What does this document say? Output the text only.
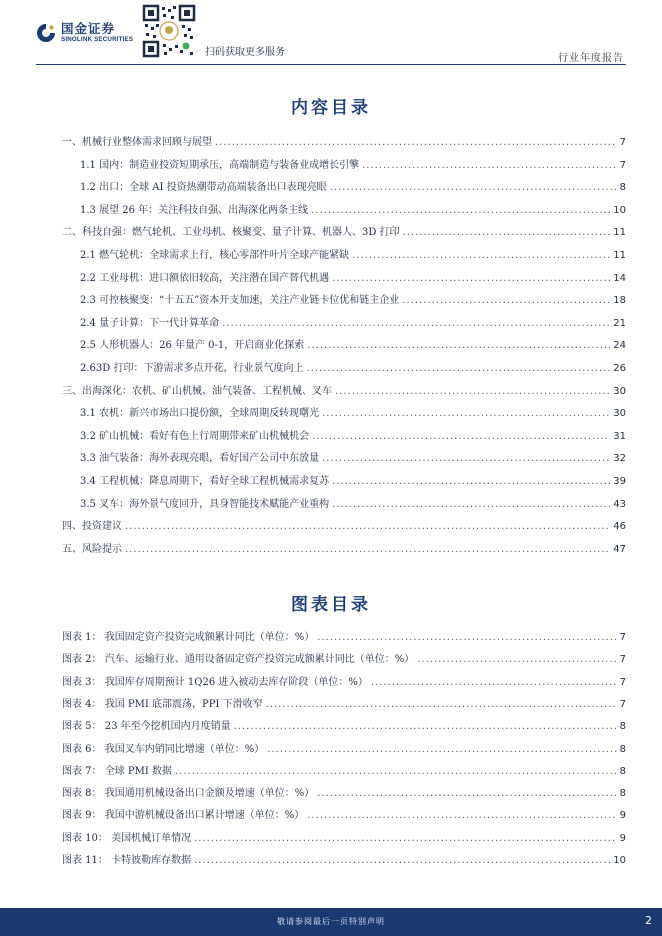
国金证券
SINOLINK SECURITIES
扫码获取更多服务
行业年度报告
内容目录
一、机械行业整体需求回顾与展望 .....	7
1.1 国内：制造业投资短期承压，高端制造与装备业成增长引擎 .....	7
1.2 出口：全球 AI 投资热潮带动高端装备出口表现亮眼 .....	8
1.3 展望 26 年：关注科技自强、出海深化两条主线 .....	10
二、科技自强：燃气轮机、工业母机、核聚变、量子计算、机器人、3D 打印 .....	11
2.1 燃气轮机：全球需求上行，核心零部件叶片全球产能紧缺 .....	11
2.2 工业母机：进口额依旧较高，关注潜在国产替代机遇 .....	14
2.3 可控核聚变：“十五五”资本开支加速，关注产业链卡位优和链主企业 .....	18
2.4 量子计算：下一代计算革命 .....	21
2.5 人形机器人：26 年量产 0-1，开启商业化探索 .....	24
2.63D 打印：下游需求多点开花，行业景气度向上 .....	26
三、出海深化：农机、矿山机械、油气装备、工程机械、叉车 .....	30
3.1 农机：新兴市场出口提份额，全球周期反转现曙光 .....	30
3.2 矿山机械：看好有色上行周期带来矿山机械机会 .....	31
3.3 油气装备：海外表现亮眼，看好国产公司中东放量 .....	32
3.4 工程机械：降息周期下，看好全球工程机械需求复苏 .....	39
3.5 叉车：海外景气度回升，具身智能技术赋能产业重构 .....	43
四、投资建议 .....	46
五、风险提示 .....	47
图表目录
图表 1： 我国固定资产投资完成额累计同比（单位：%） .....	7
图表 2： 汽车、运输行业、通用设备固定资产投资完成额累计同比（单位：%） .....	7
图表 3： 我国库存周期预计 1Q26 进入被动去库存阶段（单位：%） .....	7
图表 4： 我国 PMI 底部震荡，PPI 下滑收窄 .....	7
图表 5： 23 年至今挖机国内月度销量 .....	8
图表 6： 我国叉车内销同比增速（单位：%） .....	8
图表 7： 全球 PMI 数据 .....	8
图表 8： 我国通用机械设备出口金额及增速（单位：%） .....	8
图表 9： 我国中游机械设备出口累计增速（单位：%） .....	9
图表 10： 美国机械订单情况 .....	9
图表 11： 卡特彼勒库存数据 .....	10
敬请参阅最后一页特别声明	2
